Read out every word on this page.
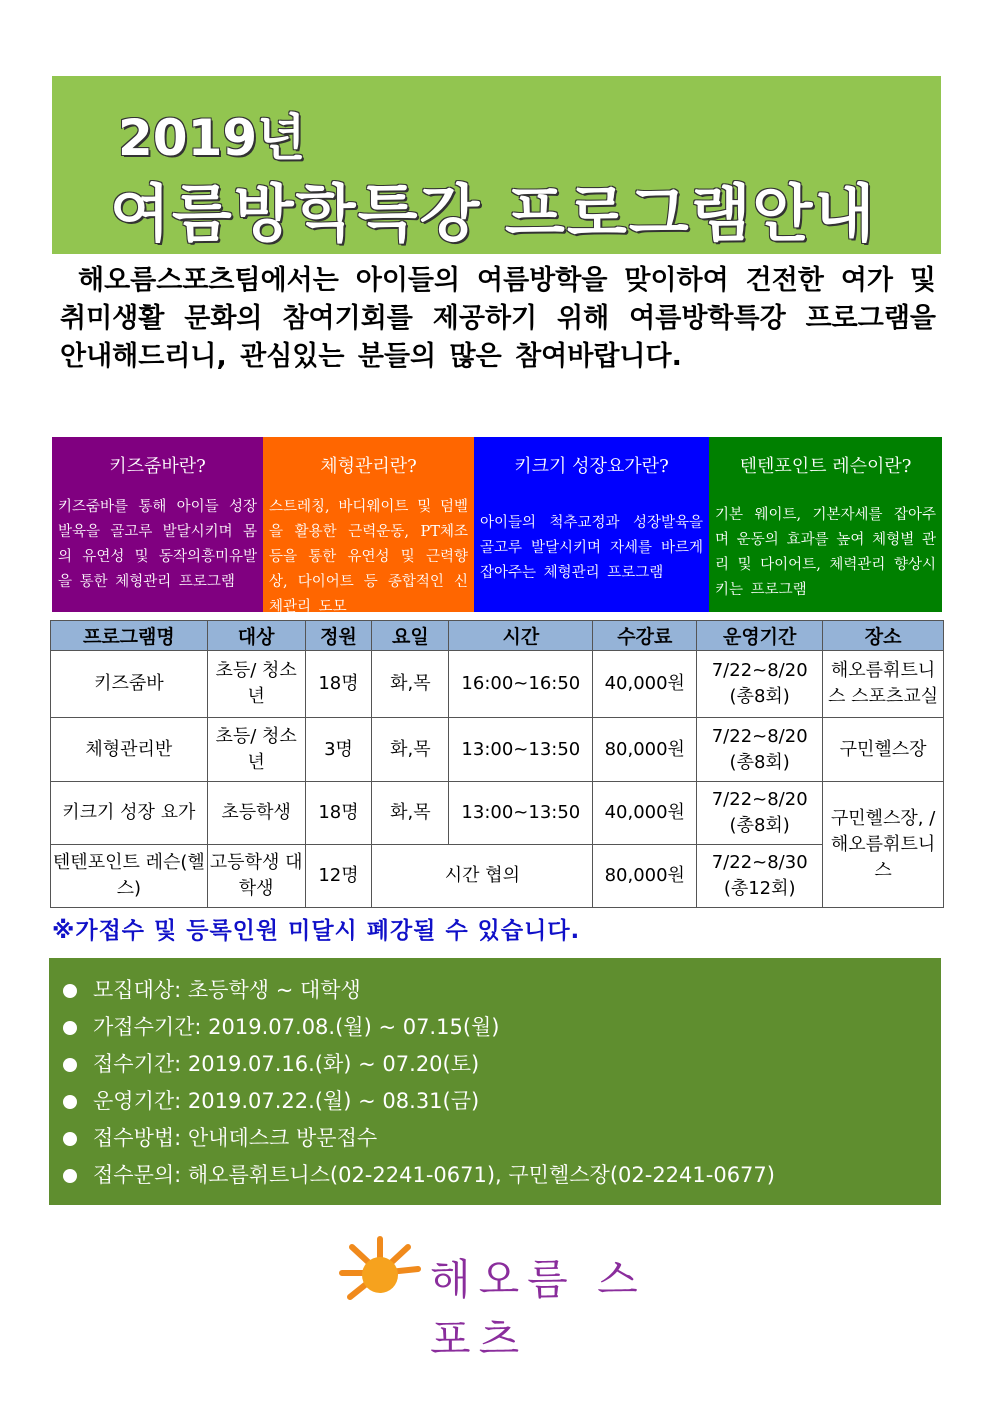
2019년
여름방학특강 프로그램안내
해오름스포츠팀에서는 아이들의 여름방학을 맞이하여 건전한 여가 및 취미생활 문화의 참여기회를 제공하기 위해 여름방학특강 프로그램을 안내해드리니, 관심있는 분들의 많은 참여바랍니다.
키즈줌바란?

키즈줌바를 통해 아이들 성장발육을 골고루 발달시키며 몸의 유연성 및 동작의흥미유발을 통한 체형관리 프로그램

체형관리란?

스트레칭, 바디웨이트 및 덤벨을 활용한 근력운동, PT체조 등을 통한 유연성 및 근력향상, 다이어트 등 종합적인 신체관리 도모

키크기 성장요가란?

아이들의 척추교정과 성장발육을 골고루 발달시키며 자세를 바르게 잡아주는 체형관리 프로그램

텐텐포인트 레슨이란?

기본 웨이트, 기본자세를 잡아주며 운동의 효과를 높여 체형별 관리 및 다이어트, 체력관리 향상시키는 프로그램

프로그램명	대상	정원	요일	시간	수강료	운영기간	장소
키즈줌바	초등/ 청소년	18명	화,목	16:00~16:50	40,000원	7/22~8/20 (총8회)	해오름휘트니스 스포츠교실
체형관리반	초등/ 청소년	3명	화,목	13:00~13:50	80,000원	7/22~8/20 (총8회)	구민헬스장
키크기 성장 요가	초등학생	18명	화,목	13:00~13:50	40,000원	7/22~8/20 (총8회)	구민헬스장, / 해오름휘트니스
텐텐포인트 레슨(헬스)	고등학생 대학생	12명	시간 협의		80,000원	7/22~8/30 (총12회)	
※가접수 및 등록인원 미달시 폐강될 수 있습니다.
모집대상: 초등학생 ~ 대학생
가접수기간: 2019.07.08.(월) ~ 07.15(월)
접수기간: 2019.07.16.(화) ~ 07.20(토)
운영기간: 2019.07.22.(월) ~ 08.31(금)
접수방법: 안내데스크 방문접수
접수문의: 해오름휘트니스(02-2241-0671), 구민헬스장(02-2241-0677)
해오름 스포츠
